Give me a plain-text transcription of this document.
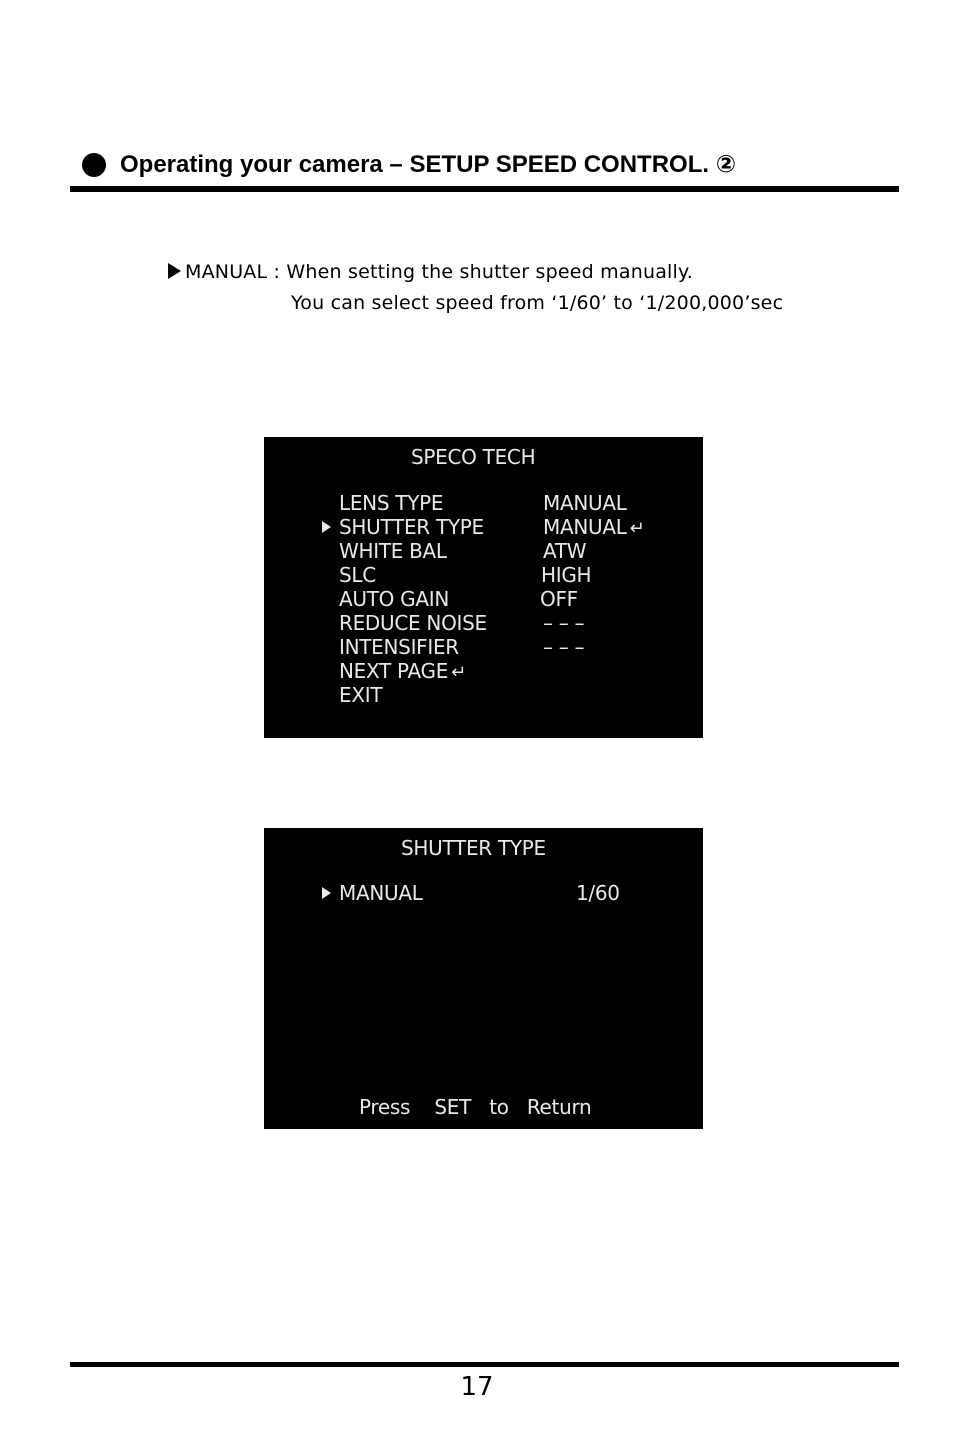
Operating your camera – SETUP SPEED CONTROL. ②
MANUAL : When setting the shutter speed manually.
You can select speed from ‘1/60’ to ‘1/200,000’sec
SPECO TECH
LENS TYPE	MANUAL
SHUTTER TYPE	MANUAL ↵
WHITE BAL	ATW
SLC	HIGH
AUTO GAIN	OFF
REDUCE NOISE	– – –
INTENSIFIER	– – –
NEXT PAGE ↵
EXIT
SHUTTER TYPE
MANUAL	1/60
Press    SET   to   Return
17
